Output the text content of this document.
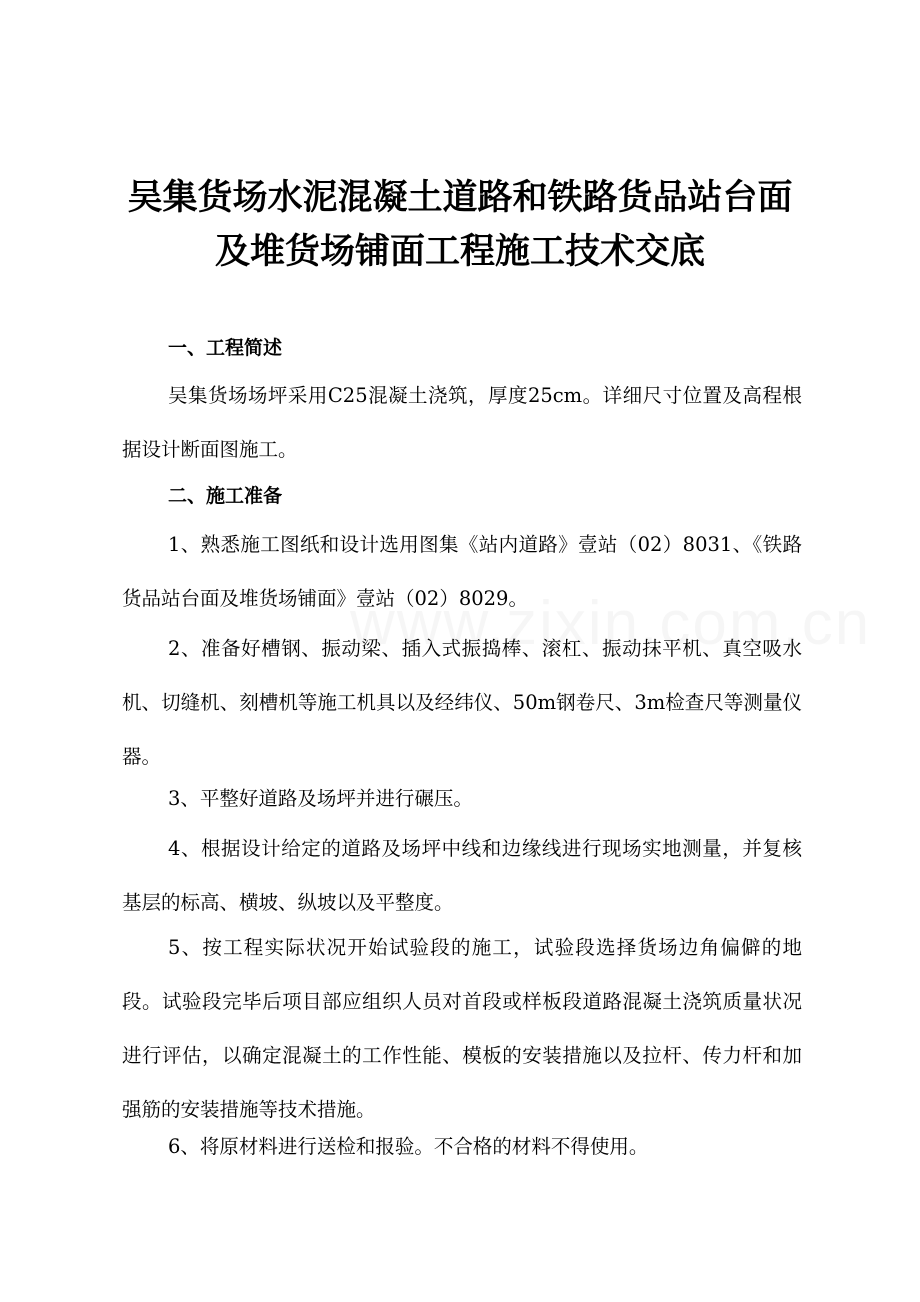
吴集货场水泥混凝土道路和铁路货品站台面
及堆货场铺面工程施工技术交底
一、工程简述
吴集货场场坪采用C25混凝土浇筑，厚度25cm。详细尺寸位置及高程根据设计断面图施工。
二、施工准备
1、熟悉施工图纸和设计选用图集《站内道路》壹站（02）8031、《铁路货品站台面及堆货场铺面》壹站（02）8029。
2、准备好槽钢、振动梁、插入式振捣棒、滚杠、振动抹平机、真空吸水机、切缝机、刻槽机等施工机具以及经纬仪、50m钢卷尺、3m检查尺等测量仪器。
3、平整好道路及场坪并进行碾压。
4、根据设计给定的道路及场坪中线和边缘线进行现场实地测量，并复核基层的标高、横坡、纵坡以及平整度。
5、按工程实际状况开始试验段的施工，试验段选择货场边角偏僻的地段。试验段完毕后项目部应组织人员对首段或样板段道路混凝土浇筑质量状况进行评估，以确定混凝土的工作性能、模板的安装措施以及拉杆、传力杆和加强筋的安装措施等技术措施。
6、将原材料进行送检和报验。不合格的材料不得使用。
